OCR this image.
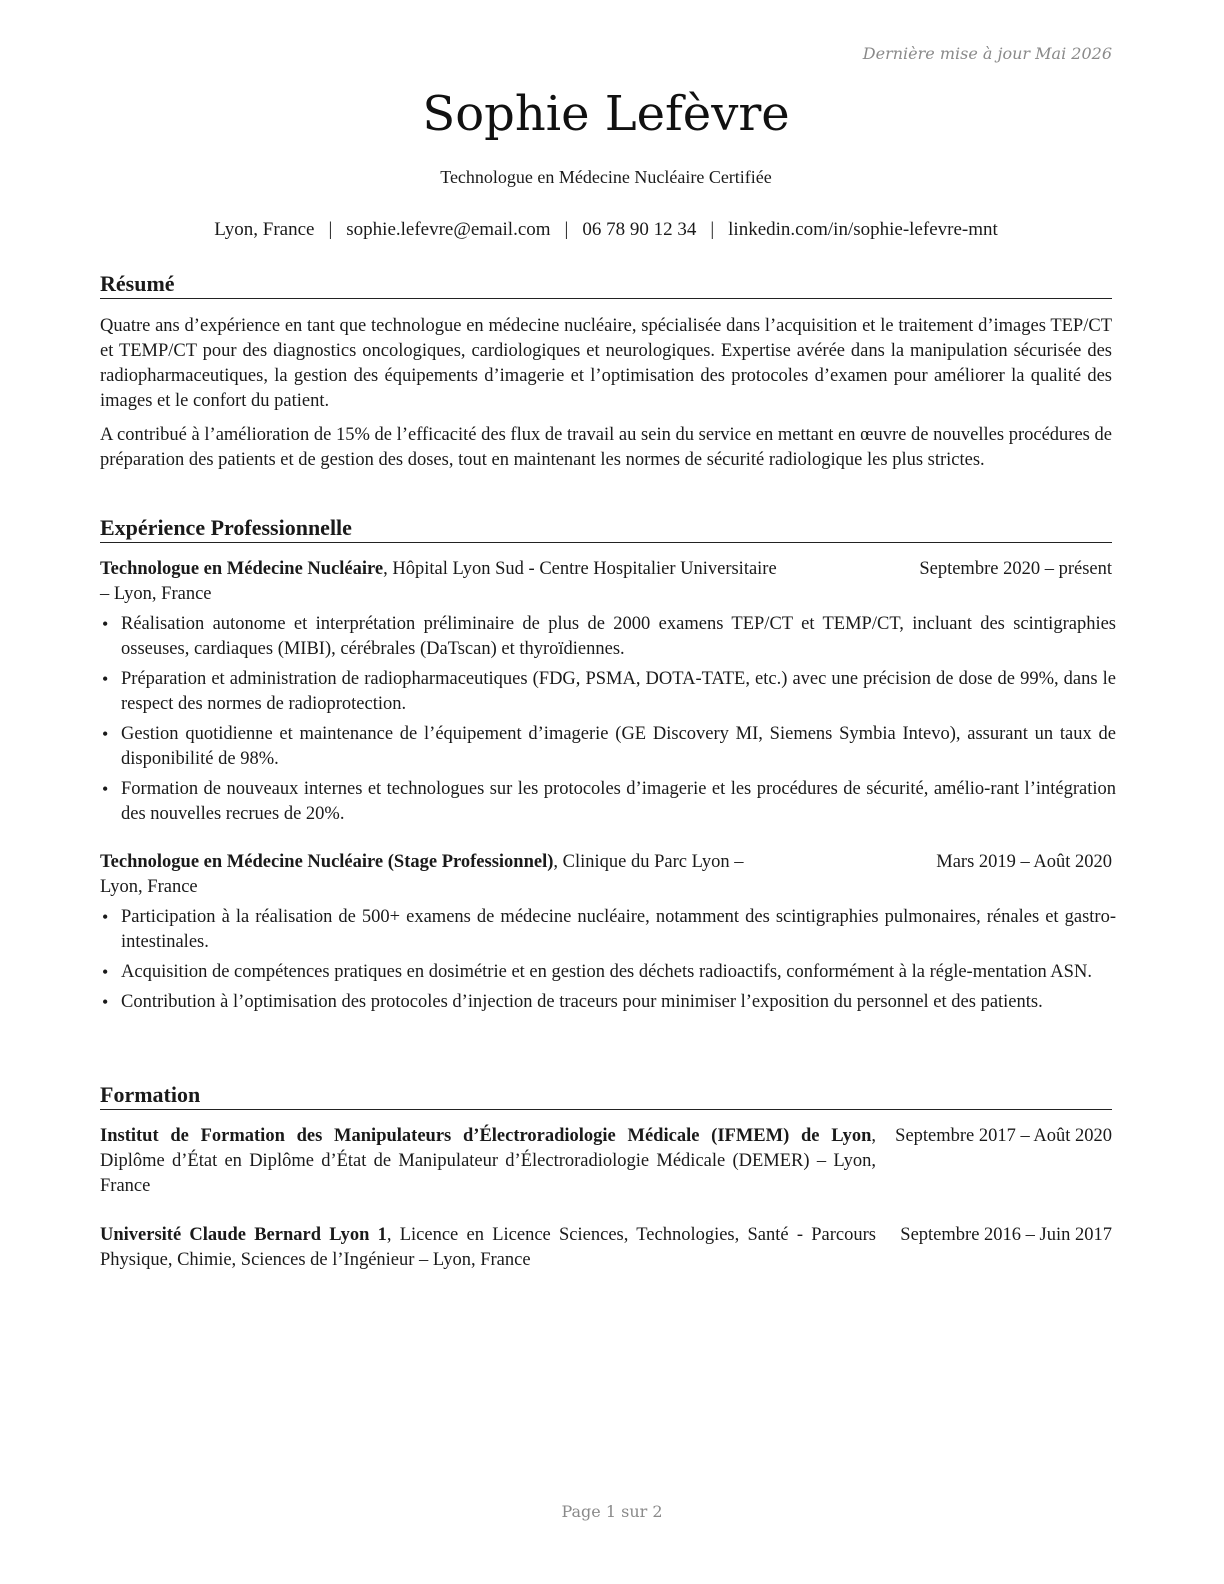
Dernière mise à jour Mai 2026
Sophie Lefèvre
Technologue en Médecine Nucléaire Certifiée
Lyon, France | sophie.lefevre@email.com | 06 78 90 12 34 | linkedin.com/in/sophie-lefevre-mnt
Résumé

Quatre ans d’expérience en tant que technologue en médecine nucléaire, spécialisée dans l’acquisition et le traitement d’images TEP/CT et TEMP/CT pour des diagnostics oncologiques, cardiologiques et neurologiques. Expertise avérée dans la manipulation sécurisée des radiopharmaceutiques, la gestion des équipements d’imagerie et l’optimisation des protocoles d’examen pour améliorer la qualité des images et le confort du patient.

A contribué à l’amélioration de 15% de l’efficacité des flux de travail au sein du service en mettant en œuvre de nouvelles procédures de préparation des patients et de gestion des doses, tout en maintenant les normes de sécurité radiologique les plus strictes.

Expérience Professionnelle
Septembre 2020 – présent
Technologue en Médecine Nucléaire, Hôpital Lyon Sud - Centre Hospitalier Universitaire
– Lyon, France
• Réalisation autonome et interprétation préliminaire de plus de 2000 examens TEP/CT et TEMP/CT, incluant des scintigraphies osseuses, cardiaques (MIBI), cérébrales (DaTscan) et thyroïdiennes.
• Préparation et administration de radiopharmaceutiques (FDG, PSMA, DOTA-TATE, etc.) avec une précision de dose de 99%, dans le respect des normes de radioprotection.
• Gestion quotidienne et maintenance de l’équipement d’imagerie (GE Discovery MI, Siemens Symbia Intevo), assurant un taux de disponibilité de 98%.
• Formation de nouveaux internes et technologues sur les protocoles d’imagerie et les procédures de sécurité, amélio-rant l’intégration des nouvelles recrues de 20%.
Mars 2019 – Août 2020
Technologue en Médecine Nucléaire (Stage Professionnel), Clinique du Parc Lyon –
Lyon, France
• Participation à la réalisation de 500+ examens de médecine nucléaire, notamment des scintigraphies pulmonaires, rénales et gastro-intestinales.
• Acquisition de compétences pratiques en dosimétrie et en gestion des déchets radioactifs, conformément à la régle-mentation ASN.
• Contribution à l’optimisation des protocoles d’injection de traceurs pour minimiser l’exposition du personnel et des patients.
Formation
Institut de Formation des Manipulateurs d’Électroradiologie Médicale (IFMEM) de Lyon, Diplôme d’État en Diplôme d’État de Manipulateur d’Électroradiologie Médicale (DEMER) – Lyon, France
Septembre 2017 – Août 2020
Université Claude Bernard Lyon 1, Licence en Licence Sciences, Technologies, Santé - Parcours Physique, Chimie, Sciences de l’Ingénieur – Lyon, France
Septembre 2016 – Juin 2017
Page 1 sur 2
